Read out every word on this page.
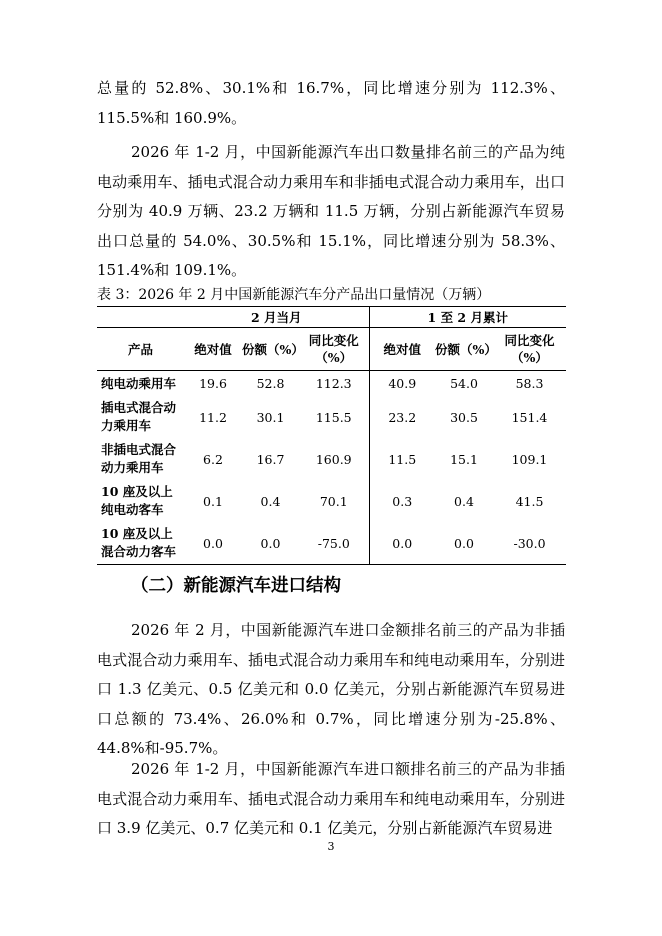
总量的 52.8%、30.1%和 16.7%，同比增速分别为 112.3%、115.5%和 160.9%。

2026 年 1-2 月，中国新能源汽车出口数量排名前三的产品为纯电动乘用车、插电式混合动力乘用车和非插电式混合动力乘用车，出口分别为 40.9 万辆、23.2 万辆和 11.5 万辆，分别占新能源汽车贸易出口总量的 54.0%、30.5%和 15.1%，同比增速分别为 58.3%、151.4%和 109.1%。

表 3：2026 年 2 月中国新能源汽车分产品出口量情况（万辆）
	2 月当月			1 至 2 月累计		
产品	绝对值	份额（%）	同比变化（%）	绝对值	份额（%）	同比变化（%）
纯电动乘用车	19.6	52.8	112.3	40.9	54.0	58.3
插电式混合动力乘用车	11.2	30.1	115.5	23.2	30.5	151.4
非插电式混合动力乘用车	6.2	16.7	160.9	11.5	15.1	109.1
10 座及以上纯电动客车	0.1	0.4	70.1	0.3	0.4	41.5
10 座及以上混合动力客车	0.0	0.0	-75.0	0.0	0.0	-30.0
（二）新能源汽车进口结构

2026 年 2 月，中国新能源汽车进口金额排名前三的产品为非插电式混合动力乘用车、插电式混合动力乘用车和纯电动乘用车，分别进口 1.3 亿美元、0.5 亿美元和 0.0 亿美元，分别占新能源汽车贸易进口总额的 73.4%、26.0%和 0.7%，同比增速分别为-25.8%、44.8%和-95.7%。

2026 年 1-2 月，中国新能源汽车进口额排名前三的产品为非插电式混合动力乘用车、插电式混合动力乘用车和纯电动乘用车，分别进口 3.9 亿美元、0.7 亿美元和 0.1 亿美元，分别占新能源汽车贸易进

3
